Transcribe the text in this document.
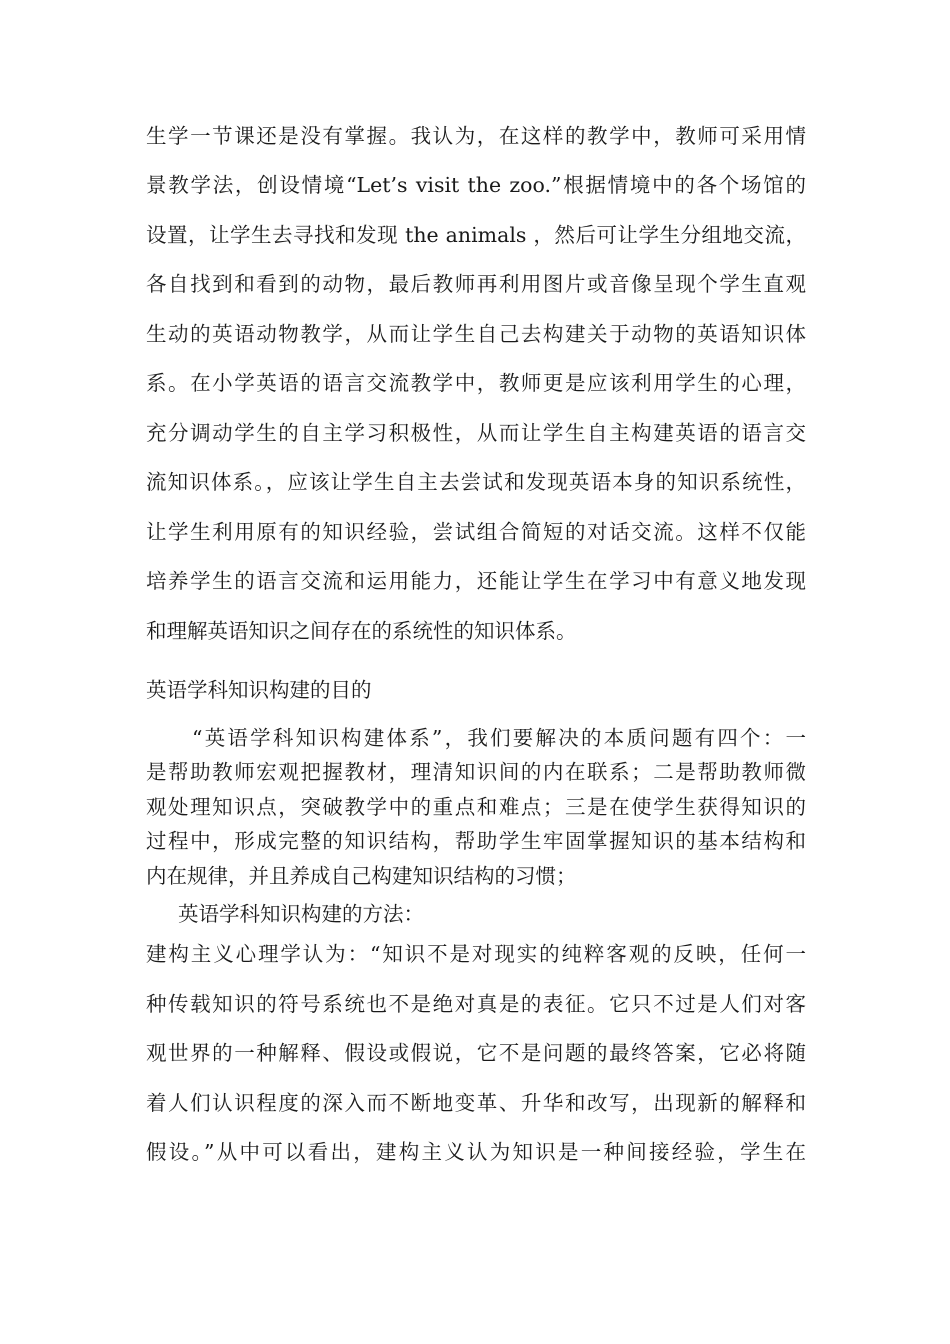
生学一节课还是没有掌握。我认为，在这样的教学中，教师可采用情
景教学法，创设情境“Let’s visit the zoo.”根据情境中的各个场馆的
设置，让学生去寻找和发现 the animals ，然后可让学生分组地交流，
各自找到和看到的动物，最后教师再利用图片或音像呈现个学生直观
生动的英语动物教学，从而让学生自己去构建关于动物的英语知识体
系。在小学英语的语言交流教学中，教师更是应该利用学生的心理，
充分调动学生的自主学习积极性，从而让学生自主构建英语的语言交
流知识体系。，应该让学生自主去尝试和发现英语本身的知识系统性，
让学生利用原有的知识经验，尝试组合简短的对话交流。这样不仅能
培养学生的语言交流和运用能力，还能让学生在学习中有意义地发现
和理解英语知识之间存在的系统性的知识体系。
英语学科知识构建的目的
“英语学科知识构建体系”，我们要解决的本质问题有四个：一
是帮助教师宏观把握教材，理清知识间的内在联系；二是帮助教师微
观处理知识点，突破教学中的重点和难点；三是在使学生获得知识的
过程中，形成完整的知识结构，帮助学生牢固掌握知识的基本结构和
内在规律，并且养成自己构建知识结构的习惯；
英语学科知识构建的方法：
建构主义心理学认为：“知识不是对现实的纯粹客观的反映，任何一
种传载知识的符号系统也不是绝对真是的表征。它只不过是人们对客
观世界的一种解释、假设或假说，它不是问题的最终答案，它必将随
着人们认识程度的深入而不断地变革、升华和改写，出现新的解释和
假设。”从中可以看出，建构主义认为知识是一种间接经验，学生在
